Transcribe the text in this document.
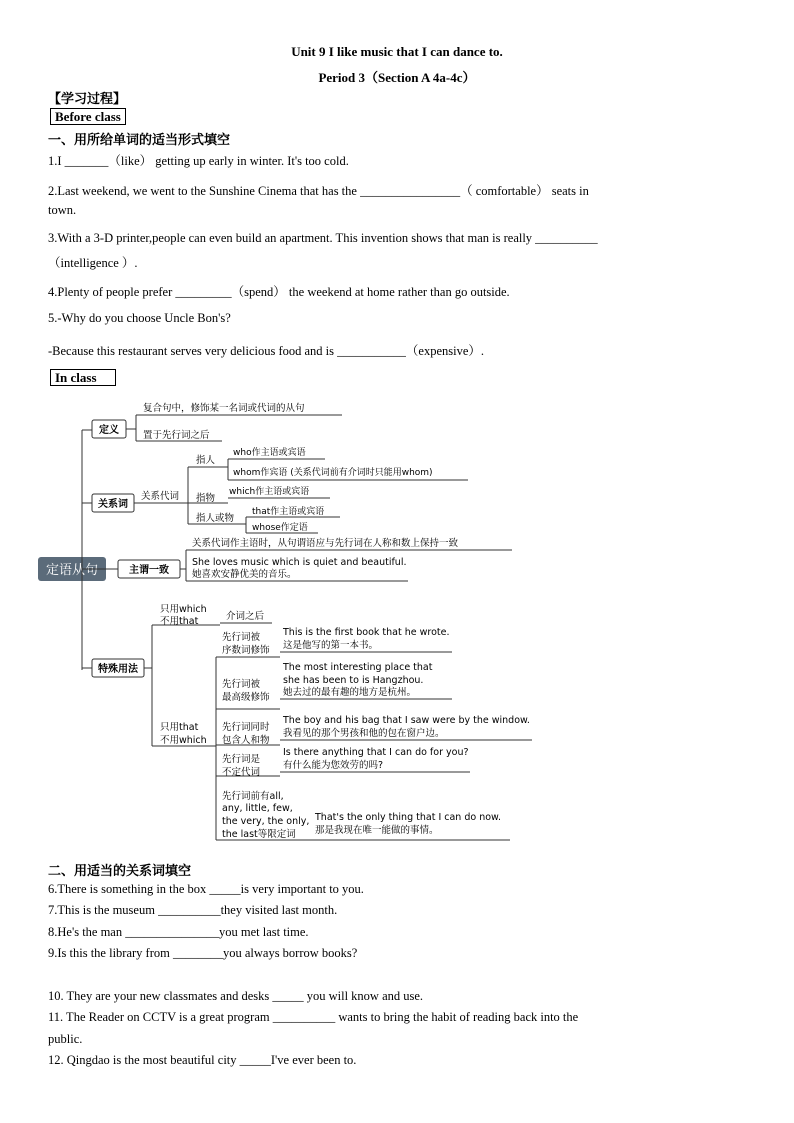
Unit 9 I like music that I can dance to.
Period 3（Section A 4a-4c）
【学习过程】
Before class
一、用所给单词的适当形式填空
1.I _______（like） getting up early in winter. It's too cold.
2.Last weekend, we went to the Sunshine Cinema that has the ________________（ comfortable） seats in
town.
3.With a 3-D printer,people can even build an apartment. This invention shows that man is really __________
（intelligence ）.
4.Plenty of people prefer _________（spend） the weekend at home rather than go outside.
5.-Why do you choose Uncle Bon's?
-Because this restaurant serves very delicious food and is ___________（expensive）.
In class
定语从句
定义
复合句中，修饰某一名词或代词的从句
置于先行词之后
关系词
关系代词
指人
who作主语或宾语
whom作宾语 (关系代词前有介词时只能用whom)
指物
which作主语或宾语
指人或物
that作主语或宾语
whose作定语
主谓一致
关系代词作主语时，从句谓语应与先行词在人称和数上保持一致
She loves music which is quiet and beautiful.
她喜欢安静优美的音乐。
特殊用法
只用which
不用that	介词之后
只用that
不用which
先行词被
序数词修饰
This is the first book that he wrote.
这是他写的第一本书。
先行词被
最高级修饰
The most interesting place that
she has been to is Hangzhou.
她去过的最有趣的地方是杭州。
先行词同时
包含人和物
The boy and his bag that I saw were by the window.
我看见的那个男孩和他的包在窗户边。
先行词是
不定代词
Is there anything that I can do for you?
有什么能为您效劳的吗?
先行词前有all,
any, little, few,
the very, the only,
the last等限定词
That's the only thing that I can do now.
那是我现在唯一能做的事情。
二、用适当的关系词填空
6.There is something in the box _____is very important to you.
7.This is the museum __________they visited last month.
8.He's the man _______________you met last time.
9.Is this the library from ________you always borrow books?
10. They are your new classmates and desks _____ you will know and use.
11. The Reader on CCTV is a great program __________ wants to bring the habit of reading back into the
public.
12. Qingdao is the most beautiful city _____I've ever been to.
